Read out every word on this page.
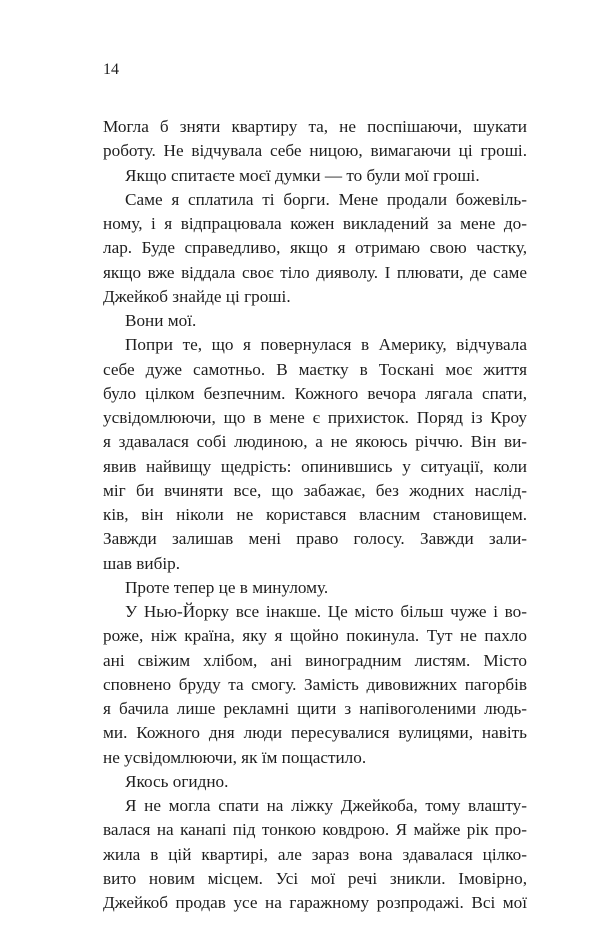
14
Могла б зняти квартиру та, не поспішаючи, шукати
роботу. Не відчувала себе ницою, вимагаючи ці гроші.
Якщо спитаєте моєї думки — то були мої гроші.
Саме я сплатила ті борги. Мене продали божевіль-
ному, і я відпрацювала кожен викладений за мене до-
лар. Буде справедливо, якщо я отримаю свою частку,
якщо вже віддала своє тіло дияволу. І плювати, де саме
Джейкоб знайде ці гроші.
Вони мої.
Попри те, що я повернулася в Америку, відчувала
себе дуже самотньо. В маєтку в Тоскані моє життя
було цілком безпечним. Кожного вечора лягала спати,
усвідомлюючи, що в мене є прихисток. Поряд із Кроу
я здавалася собі людиною, а не якоюсь річчю. Він ви-
явив найвищу щедрість: опинившись у ситуації, коли
міг би вчиняти все, що забажає, без жодних наслід-
ків, він ніколи не користався власним становищем.
Завжди залишав мені право голосу. Завжди зали-
шав вибір.
Проте тепер це в минулому.
У Нью-Йорку все інакше. Це місто більш чуже і во-
роже, ніж країна, яку я щойно покинула. Тут не пахло
ані свіжим хлібом, ані виноградним листям. Місто
сповнено бруду та смогу. Замість дивовижних пагорбів
я бачила лише рекламні щити з напівоголеними людь-
ми. Кожного дня люди пересувалися вулицями, навіть
не усвідомлюючи, як їм пощастило.
Якось огидно.
Я не могла спати на ліжку Джейкоба, тому влашту-
валася на канапі під тонкою ковдрою. Я майже рік про-
жила в цій квартирі, але зараз вона здавалася цілко-
вито новим місцем. Усі мої речі зникли. Імовірно,
Джейкоб продав усе на гаражному розпродажі. Всі мої
